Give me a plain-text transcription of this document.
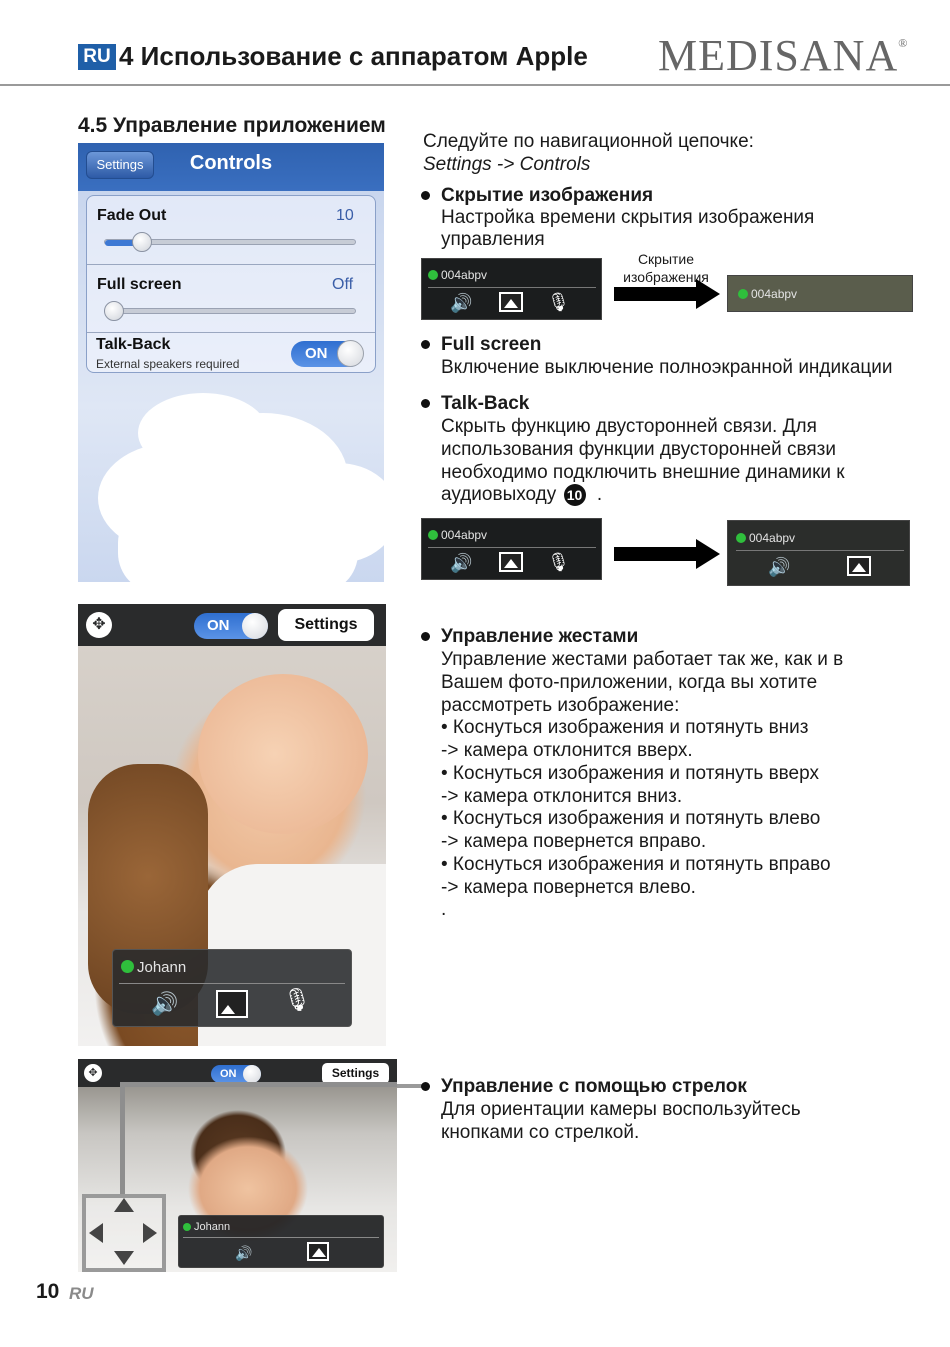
RU 4 Использование с аппаратом Apple MEDISANA®
4.5 Управление приложением
Controls
Settings
Fade Out	10
Full screen	Off
Talk-Back
External speakers required
ON
Следуйте по навигационной цепочке:
Settings -> Controls
Скрытие изображения
Настройка времени скрытия изображения
управления
004abpv
🔊	🎙
Скрытие
изображения
004abpv
Full screen
Включение выключение полноэкранной индикации
Talk-Back
Скрыть функцию двусторонней связи. Для
использования функции двусторонней связи
необходимо подключить внешние динамики к
аудиовыходу 10 .
004abpv
🔊	🎙
004abpv
🔊
✥	ON	Settings
Johann
🔊	🎙
Управление жестами
Управление жестами работает так же, как и в
Вашем фото-приложении, когда вы хотите
рассмотреть изображение:
• Коснуться изображения и потянуть вниз
-> камера отклонится вверх.
• Коснуться изображения и потянуть вверх
-> камера отклонится вниз.
• Коснуться изображения и потянуть влево
-> камера повернется вправо.
• Коснуться изображения и потянуть вправо
-> камера повернется влево.
.
✥	ON	Settings
Johann
🔊
Управление с помощью стрелок
Для ориентации камеры воспользуйтесь
кнопками со стрелкой.
10 RU
